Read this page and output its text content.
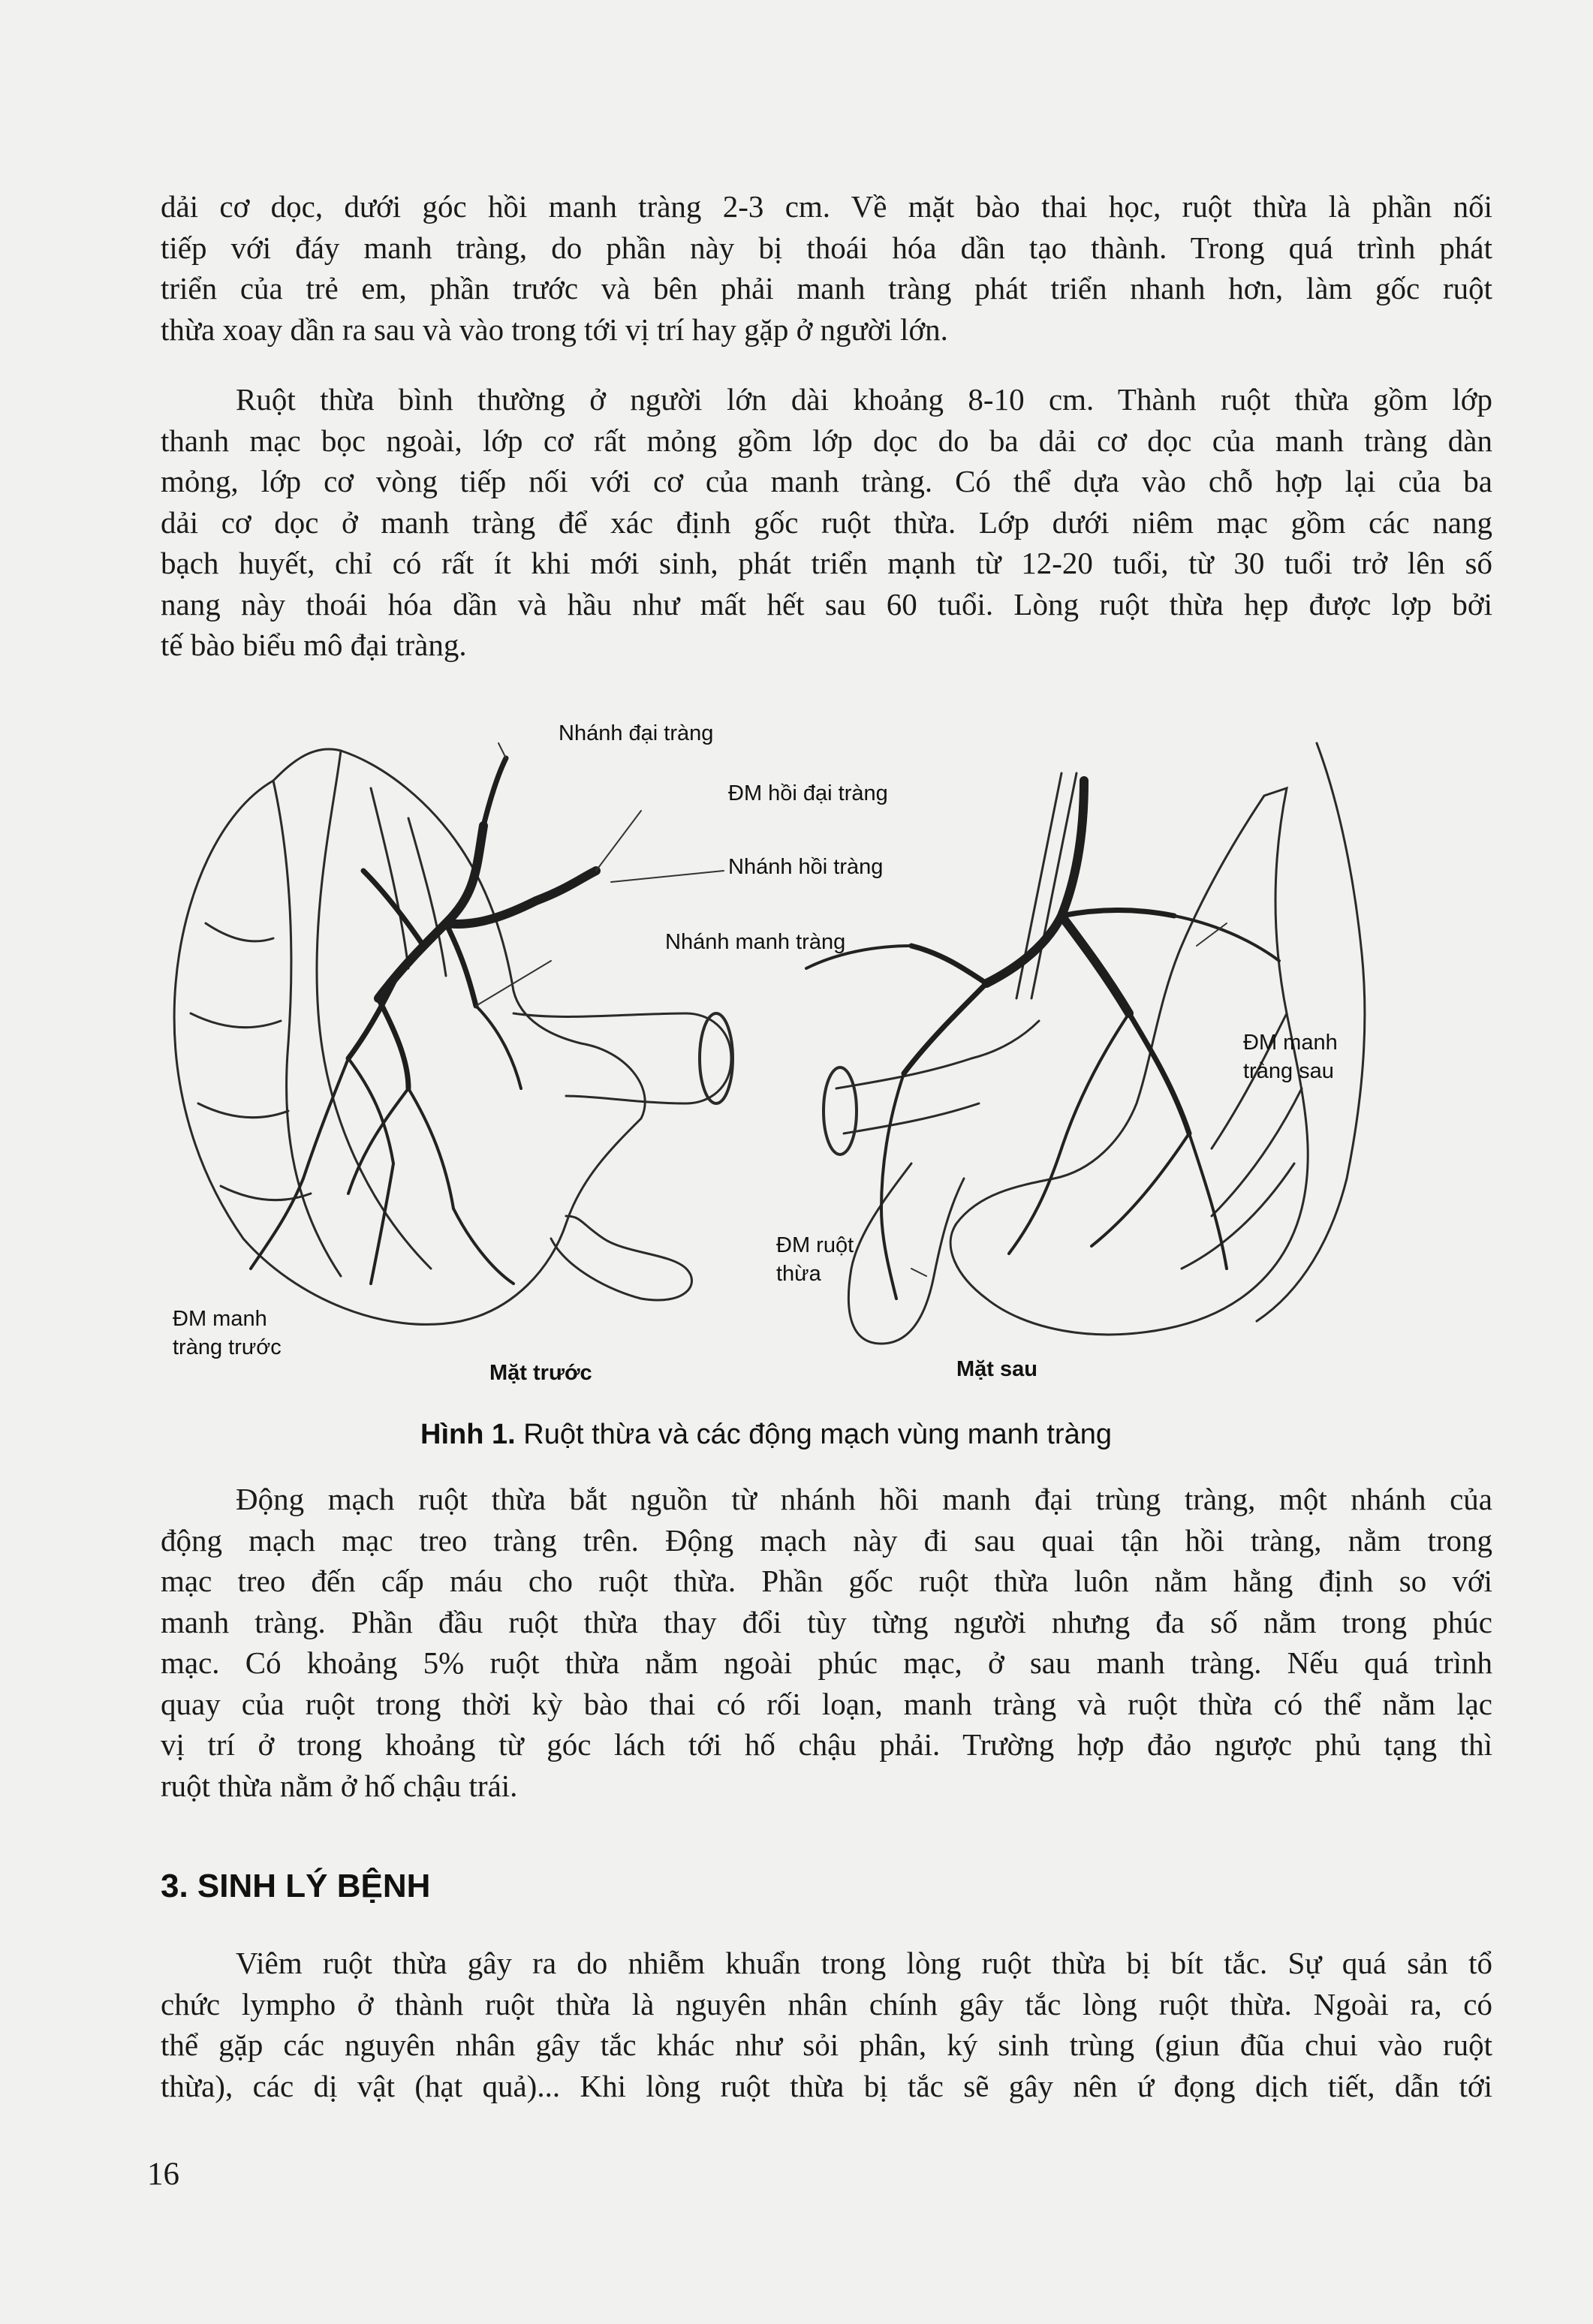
dải cơ dọc, dưới góc hồi manh tràng 2-3 cm. Về mặt bào thai học, ruột thừa là phần nối
tiếp với đáy manh tràng, do phần này bị thoái hóa dần tạo thành. Trong quá trình phát
triển của trẻ em, phần trước và bên phải manh tràng phát triển nhanh hơn, làm gốc ruột
thừa xoay dần ra sau và vào trong tới vị trí hay gặp ở người lớn.

Ruột thừa bình thường ở người lớn dài khoảng 8-10 cm. Thành ruột thừa gồm lớp
thanh mạc bọc ngoài, lớp cơ rất mỏng gồm lớp dọc do ba dải cơ dọc của manh tràng dàn
mỏng, lớp cơ vòng tiếp nối với cơ của manh tràng. Có thể dựa vào chỗ hợp lại của ba
dải cơ dọc ở manh tràng để xác định gốc ruột thừa. Lớp dưới niêm mạc gồm các nang
bạch huyết, chỉ có rất ít khi mới sinh, phát triển mạnh từ 12-20 tuổi, từ 30 tuổi trở lên số
nang này thoái hóa dần và hầu như mất hết sau 60 tuổi. Lòng ruột thừa hẹp được lợp bởi
tế bào biểu mô đại tràng.

Nhánh đại tràng
ĐM hồi đại tràng
Nhánh hồi tràng
Nhánh manh tràng
ĐM manh
tràng sau
ĐM ruột
thừa
ĐM manh
tràng trước
Mặt trước	Mặt sau
Hình 1. Ruột thừa và các động mạch vùng manh tràng

Động mạch ruột thừa bắt nguồn từ nhánh hồi manh đại trùng tràng, một nhánh của
động mạch mạc treo tràng trên. Động mạch này đi sau quai tận hồi tràng, nằm trong
mạc treo đến cấp máu cho ruột thừa. Phần gốc ruột thừa luôn nằm hằng định so với
manh tràng. Phần đầu ruột thừa thay đổi tùy từng người nhưng đa số nằm trong phúc
mạc. Có khoảng 5% ruột thừa nằm ngoài phúc mạc, ở sau manh tràng. Nếu quá trình
quay của ruột trong thời kỳ bào thai có rối loạn, manh tràng và ruột thừa có thể nằm lạc
vị trí ở trong khoảng từ góc lách tới hố chậu phải. Trường hợp đảo ngược phủ tạng thì
ruột thừa nằm ở hố chậu trái.

3. SINH LÝ BỆNH

Viêm ruột thừa gây ra do nhiễm khuẩn trong lòng ruột thừa bị bít tắc. Sự quá sản tổ
chức lympho ở thành ruột thừa là nguyên nhân chính gây tắc lòng ruột thừa. Ngoài ra, có
thể gặp các nguyên nhân gây tắc khác như sỏi phân, ký sinh trùng (giun đũa chui vào ruột
thừa), các dị vật (hạt quả)... Khi lòng ruột thừa bị tắc sẽ gây nên ứ đọng dịch tiết, dẫn tới

16
